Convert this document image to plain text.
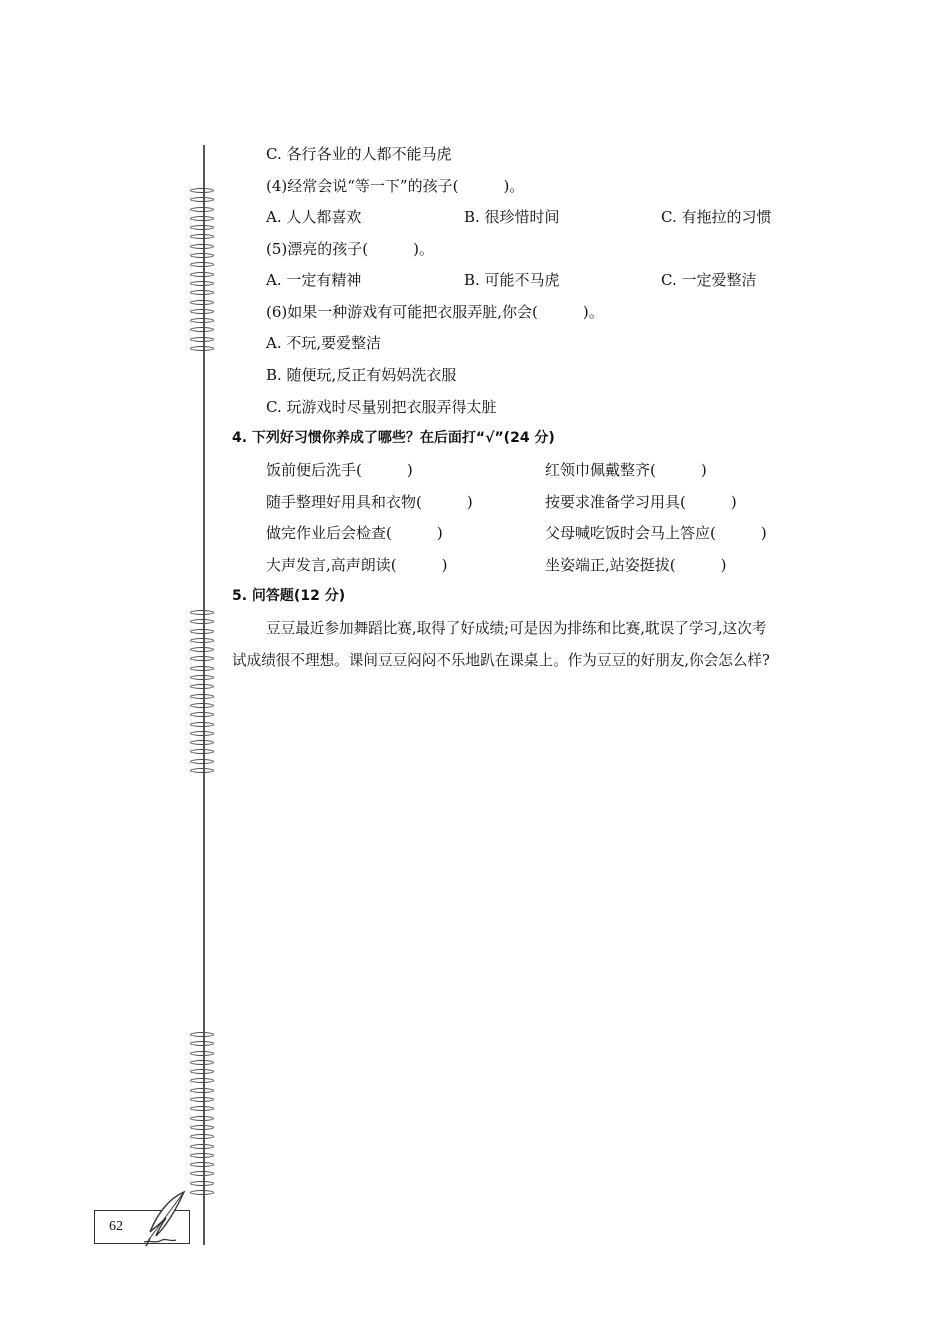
C. 各行各业的人都不能马虎
(4)经常会说“等一下”的孩子(　　　)。
A. 人人都喜欢	B. 很珍惜时间	C. 有拖拉的习惯
(5)漂亮的孩子(　　　)。
A. 一定有精神	B. 可能不马虎	C. 一定爱整洁
(6)如果一种游戏有可能把衣服弄脏,你会(　　　)。
A. 不玩,要爱整洁
B. 随便玩,反正有妈妈洗衣服
C. 玩游戏时尽量别把衣服弄得太脏
4. 下列好习惯你养成了哪些？在后面打“√”(24 分)
饭前便后洗手(　　　)	红领巾佩戴整齐(　　　)
随手整理好用具和衣物(　　　)	按要求准备学习用具(　　　)
做完作业后会检查(　　　)	父母喊吃饭时会马上答应(　　　)
大声发言,高声朗读(　　　)	坐姿端正,站姿挺拔(　　　)
5. 问答题(12 分)
豆豆最近参加舞蹈比赛,取得了好成绩;可是因为排练和比赛,耽误了学习,这次考
试成绩很不理想。课间豆豆闷闷不乐地趴在课桌上。作为豆豆的好朋友,你会怎么样?
62
